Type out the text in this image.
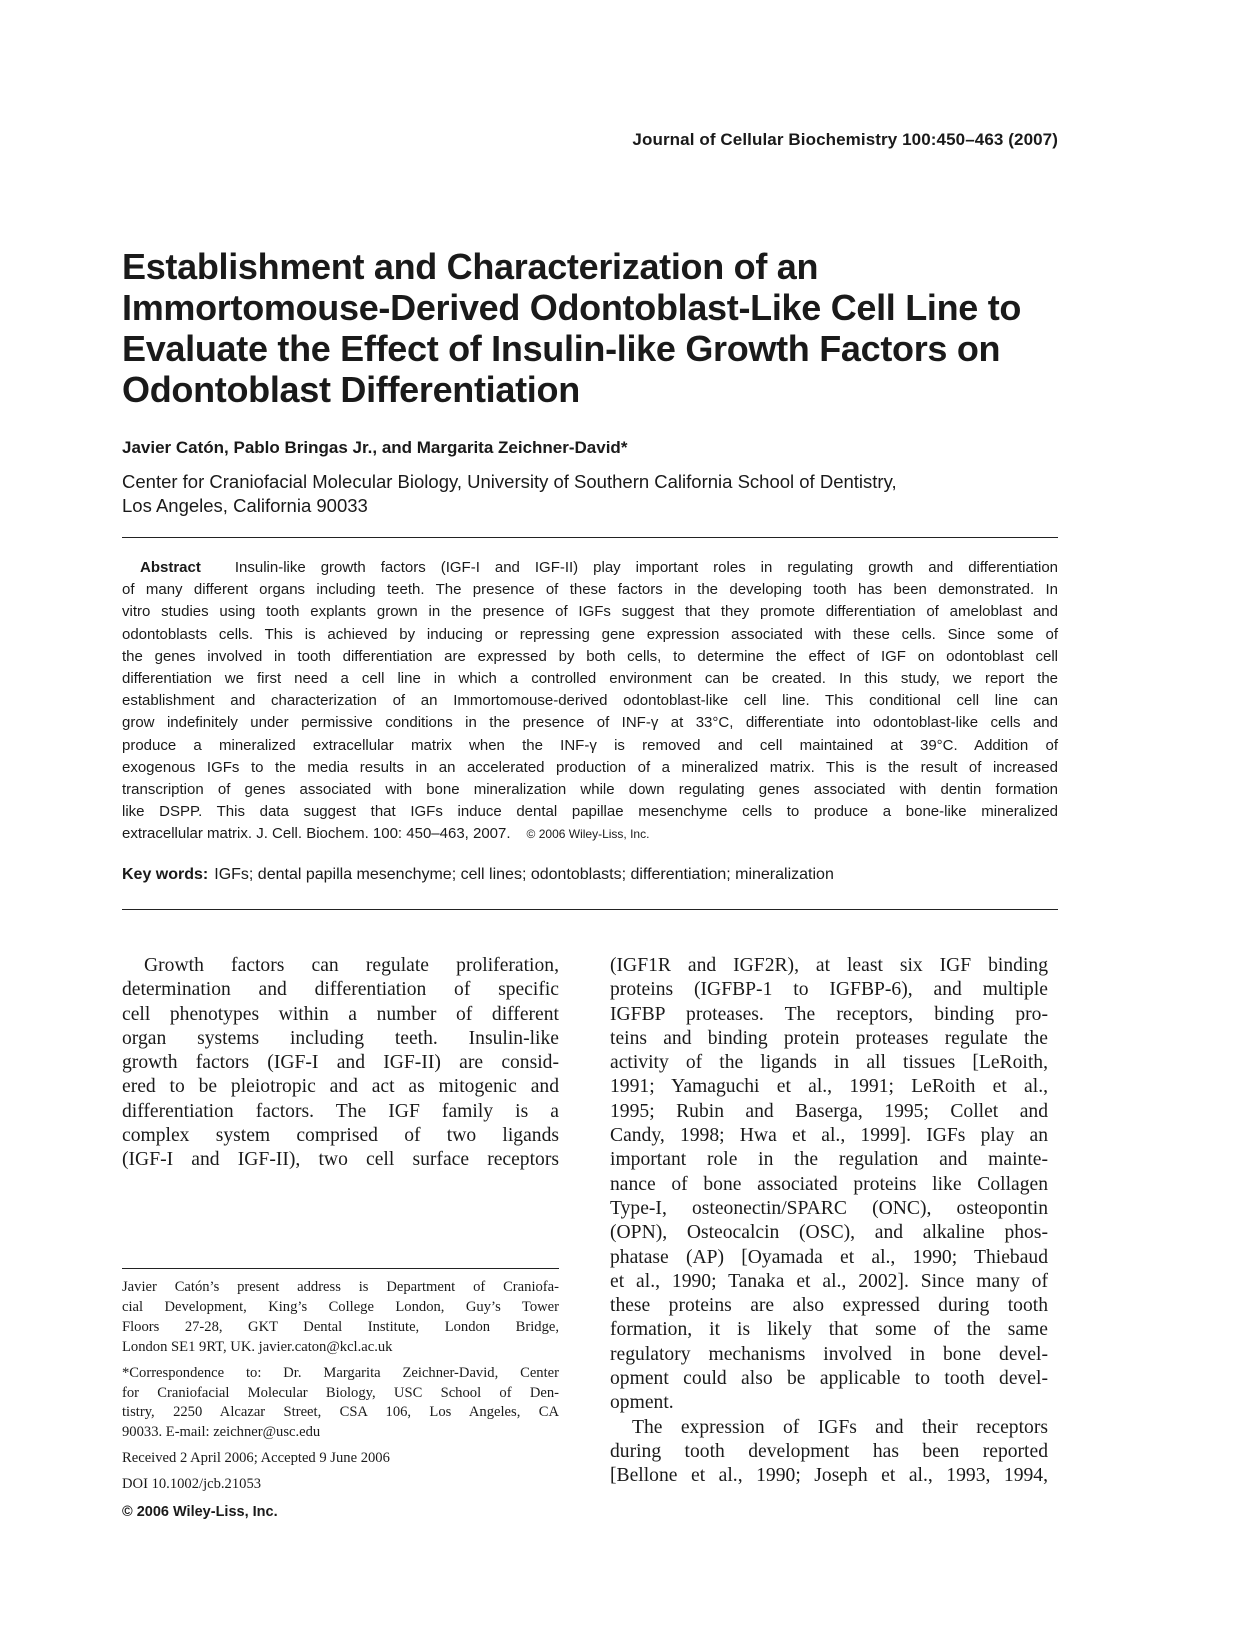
Journal of Cellular Biochemistry 100:450–463 (2007)
Establishment and Characterization of an
Immortomouse-Derived Odontoblast-Like Cell Line to
Evaluate the Effect of Insulin-like Growth Factors on
Odontoblast Differentiation
Javier Catón, Pablo Bringas Jr., and Margarita Zeichner-David*
Center for Craniofacial Molecular Biology, University of Southern California School of Dentistry,
Los Angeles, California 90033
Abstract Insulin-like growth factors (IGF-I and IGF-II) play important roles in regulating growth and differentiation
of many different organs including teeth. The presence of these factors in the developing tooth has been demonstrated. In
vitro studies using tooth explants grown in the presence of IGFs suggest that they promote differentiation of ameloblast and
odontoblasts cells. This is achieved by inducing or repressing gene expression associated with these cells. Since some of
the genes involved in tooth differentiation are expressed by both cells, to determine the effect of IGF on odontoblast cell
differentiation we first need a cell line in which a controlled environment can be created. In this study, we report the
establishment and characterization of an Immortomouse-derived odontoblast-like cell line. This conditional cell line can
grow indefinitely under permissive conditions in the presence of INF-γ at 33°C, differentiate into odontoblast-like cells and
produce a mineralized extracellular matrix when the INF-γ is removed and cell maintained at 39°C. Addition of
exogenous IGFs to the media results in an accelerated production of a mineralized matrix. This is the result of increased
transcription of genes associated with bone mineralization while down regulating genes associated with dentin formation
like DSPP. This data suggest that IGFs induce dental papillae mesenchyme cells to produce a bone-like mineralized
extracellular matrix. J. Cell. Biochem. 100: 450–463, 2007. © 2006 Wiley-Liss, Inc.
Key words: IGFs; dental papilla mesenchyme; cell lines; odontoblasts; differentiation; mineralization
Growth factors can regulate proliferation,
determination and differentiation of specific
cell phenotypes within a number of different
organ systems including teeth. Insulin-like
growth factors (IGF-I and IGF-II) are consid-
ered to be pleiotropic and act as mitogenic and
differentiation factors. The IGF family is a
complex system comprised of two ligands
(IGF-I and IGF-II), two cell surface receptors
Javier Catón’s present address is Department of Craniofa-
cial Development, King’s College London, Guy’s Tower
Floors 27-28, GKT Dental Institute, London Bridge,
London SE1 9RT, UK. javier.caton@kcl.ac.uk
*Correspondence to: Dr. Margarita Zeichner-David, Center
for Craniofacial Molecular Biology, USC School of Den-
tistry, 2250 Alcazar Street, CSA 106, Los Angeles, CA
90033. E-mail: zeichner@usc.edu
Received 2 April 2006; Accepted 9 June 2006
DOI 10.1002/jcb.21053
© 2006 Wiley-Liss, Inc.
(IGF1R and IGF2R), at least six IGF binding
proteins (IGFBP-1 to IGFBP-6), and multiple
IGFBP proteases. The receptors, binding pro-
teins and binding protein proteases regulate the
activity of the ligands in all tissues [LeRoith,
1991; Yamaguchi et al., 1991; LeRoith et al.,
1995; Rubin and Baserga, 1995; Collet and
Candy, 1998; Hwa et al., 1999]. IGFs play an
important role in the regulation and mainte-
nance of bone associated proteins like Collagen
Type-I, osteonectin/SPARC (ONC), osteopontin
(OPN), Osteocalcin (OSC), and alkaline phos-
phatase (AP) [Oyamada et al., 1990; Thiebaud
et al., 1990; Tanaka et al., 2002]. Since many of
these proteins are also expressed during tooth
formation, it is likely that some of the same
regulatory mechanisms involved in bone devel-
opment could also be applicable to tooth devel-
opment.
The expression of IGFs and their receptors
during tooth development has been reported
[Bellone et al., 1990; Joseph et al., 1993, 1994,
